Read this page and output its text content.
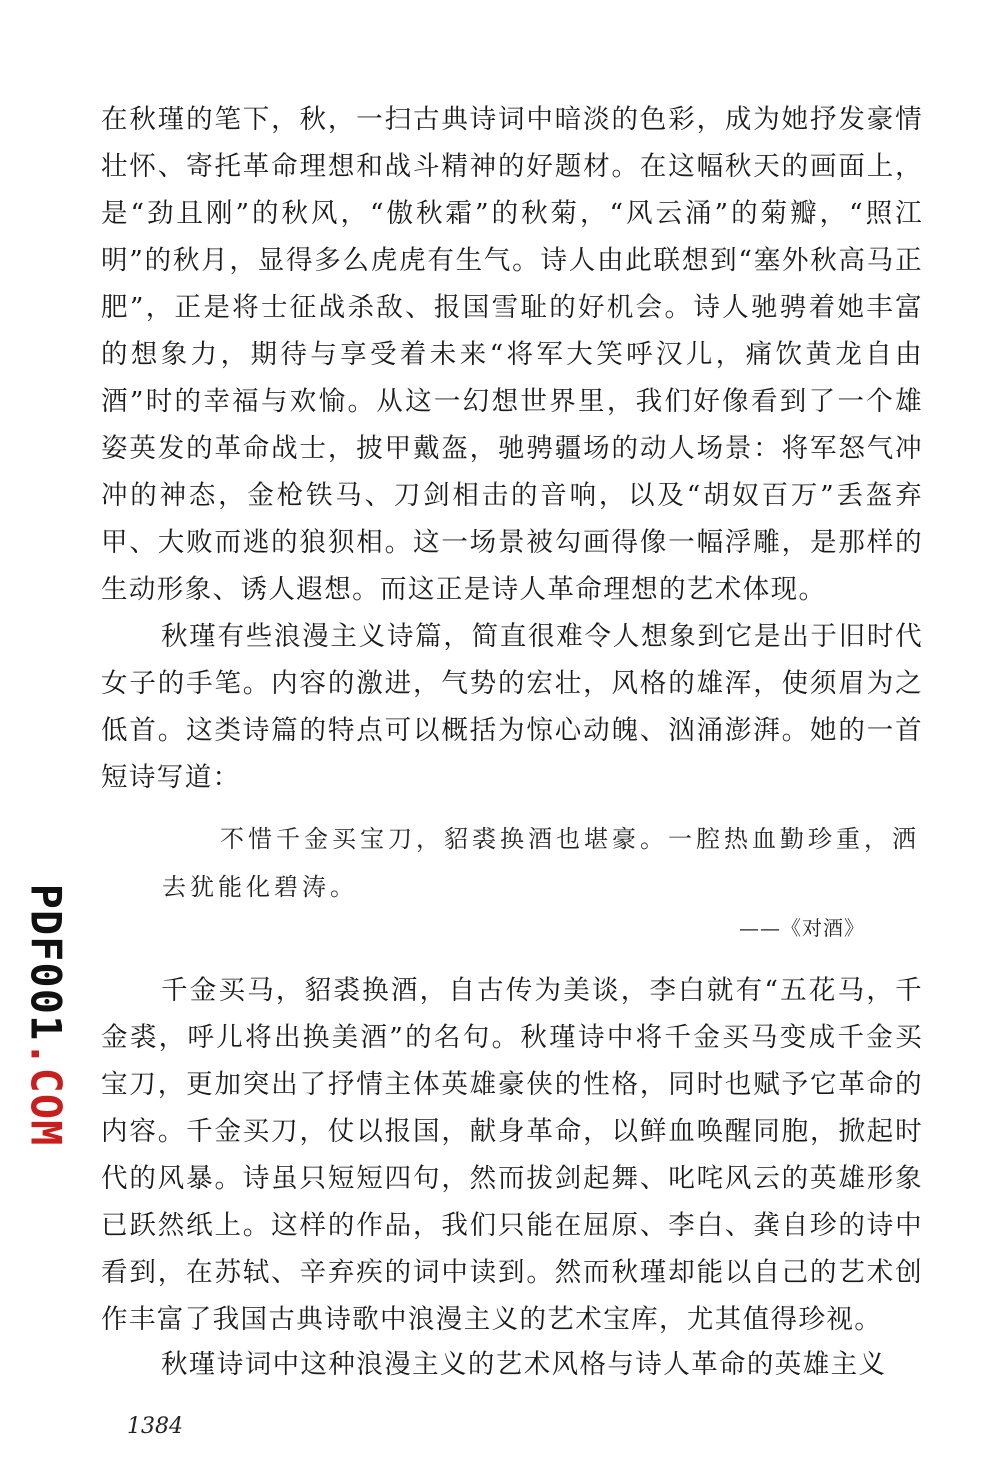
在秋瑾的笔下，秋，一扫古典诗词中暗淡的色彩，成为她抒发豪情壮怀、寄托革命理想和战斗精神的好题材。在这幅秋天的画面上，是“劲且刚”的秋风，“傲秋霜”的秋菊，“风云涌”的菊瓣，“照江明”的秋月，显得多么虎虎有生气。诗人由此联想到“塞外秋高马正肥”，正是将士征战杀敌、报国雪耻的好机会。诗人驰骋着她丰富的想象力，期待与享受着未来“将军大笑呼汉儿，痛饮黄龙自由酒”时的幸福与欢愉。从这一幻想世界里，我们好像看到了一个雄姿英发的革命战士，披甲戴盔，驰骋疆场的动人场景：将军怒气冲冲的神态，金枪铁马、刀剑相击的音响，以及“胡奴百万”丢盔弃甲、大败而逃的狼狈相。这一场景被勾画得像一幅浮雕，是那样的生动形象、诱人遐想。而这正是诗人革命理想的艺术体现。

秋瑾有些浪漫主义诗篇，简直很难令人想象到它是出于旧时代女子的手笔。内容的激进，气势的宏壮，风格的雄浑，使须眉为之低首。这类诗篇的特点可以概括为惊心动魄、汹涌澎湃。她的一首短诗写道：

不惜千金买宝刀，貂裘换酒也堪豪。一腔热血勤珍重，洒去犹能化碧涛。

——《对酒》

千金买马，貂裘换酒，自古传为美谈，李白就有“五花马，千金裘，呼儿将出换美酒”的名句。秋瑾诗中将千金买马变成千金买宝刀，更加突出了抒情主体英雄豪侠的性格，同时也赋予它革命的内容。千金买刀，仗以报国，献身革命，以鲜血唤醒同胞，掀起时代的风暴。诗虽只短短四句，然而拔剑起舞、叱咤风云的英雄形象已跃然纸上。这样的作品，我们只能在屈原、李白、龚自珍的诗中看到，在苏轼、辛弃疾的词中读到。然而秋瑾却能以自己的艺术创作丰富了我国古典诗歌中浪漫主义的艺术宝库，尤其值得珍视。

秋瑾诗词中这种浪漫主义的艺术风格与诗人革命的英雄主义

1384
PDF001.COM
